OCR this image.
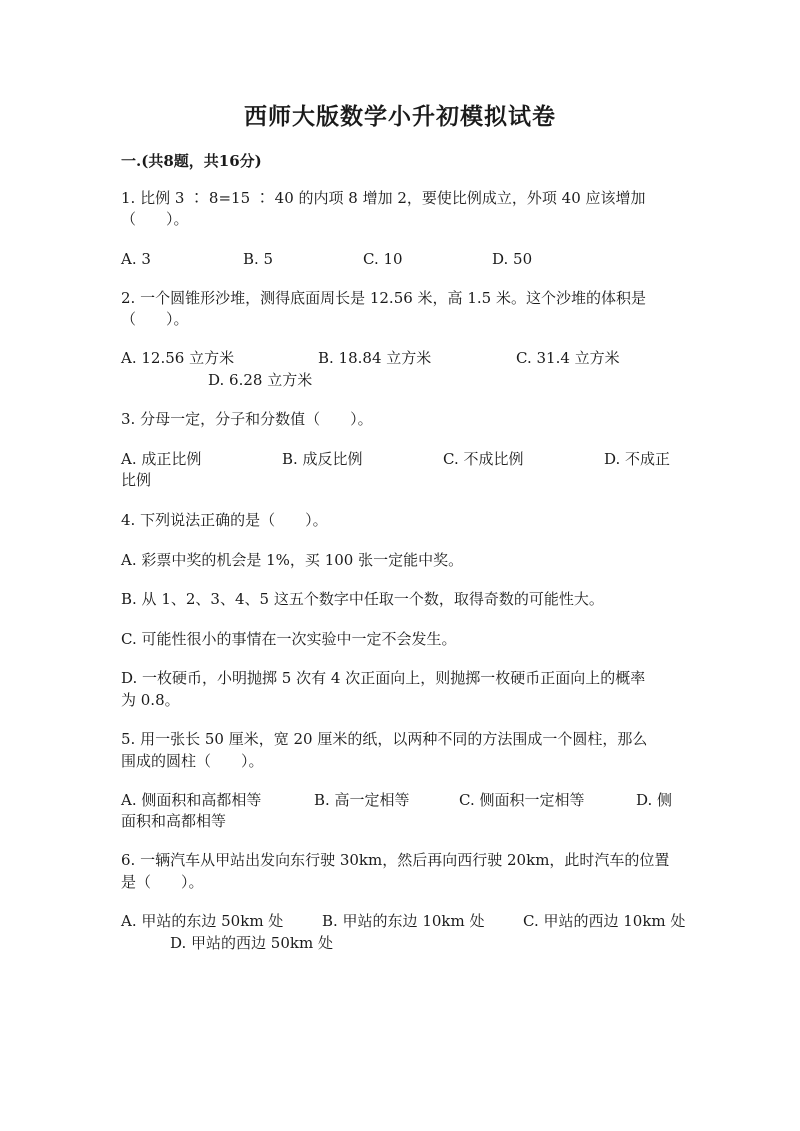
西师大版数学小升初模拟试卷
一.(共8题，共16分)
1. 比例 3 ∶ 8=15 ∶ 40 的内项 8 增加 2，要使比例成立，外项 40 应该增加
（　　）。
A. 3	B. 5	C. 10	D. 50
2. 一个圆锥形沙堆，测得底面周长是 12.56 米，高 1.5 米。这个沙堆的体积是
（　　）。
A. 12.56 立方米	B. 18.84 立方米	C. 31.4 立方米
D. 6.28 立方米
3. 分母一定，分子和分数值（　　）。
A. 成正比例	B. 成反比例	C. 不成比例	D. 不成正
比例
4. 下列说法正确的是（　　）。
A. 彩票中奖的机会是 1%，买 100 张一定能中奖。
B. 从 1、2、3、4、5 这五个数字中任取一个数，取得奇数的可能性大。
C. 可能性很小的事情在一次实验中一定不会发生。
D. 一枚硬币，小明抛掷 5 次有 4 次正面向上，则抛掷一枚硬币正面向上的概率
为 0.8。
5. 用一张长 50 厘米，宽 20 厘米的纸，以两种不同的方法围成一个圆柱，那么
围成的圆柱（　　）。
A. 侧面积和高都相等	B. 高一定相等	C. 侧面积一定相等	D. 侧
面积和高都相等
6. 一辆汽车从甲站出发向东行驶 30km，然后再向西行驶 20km，此时汽车的位置
是（　　）。
A. 甲站的东边 50km 处	B. 甲站的东边 10km 处	C. 甲站的西边 10km 处
D. 甲站的西边 50km 处
